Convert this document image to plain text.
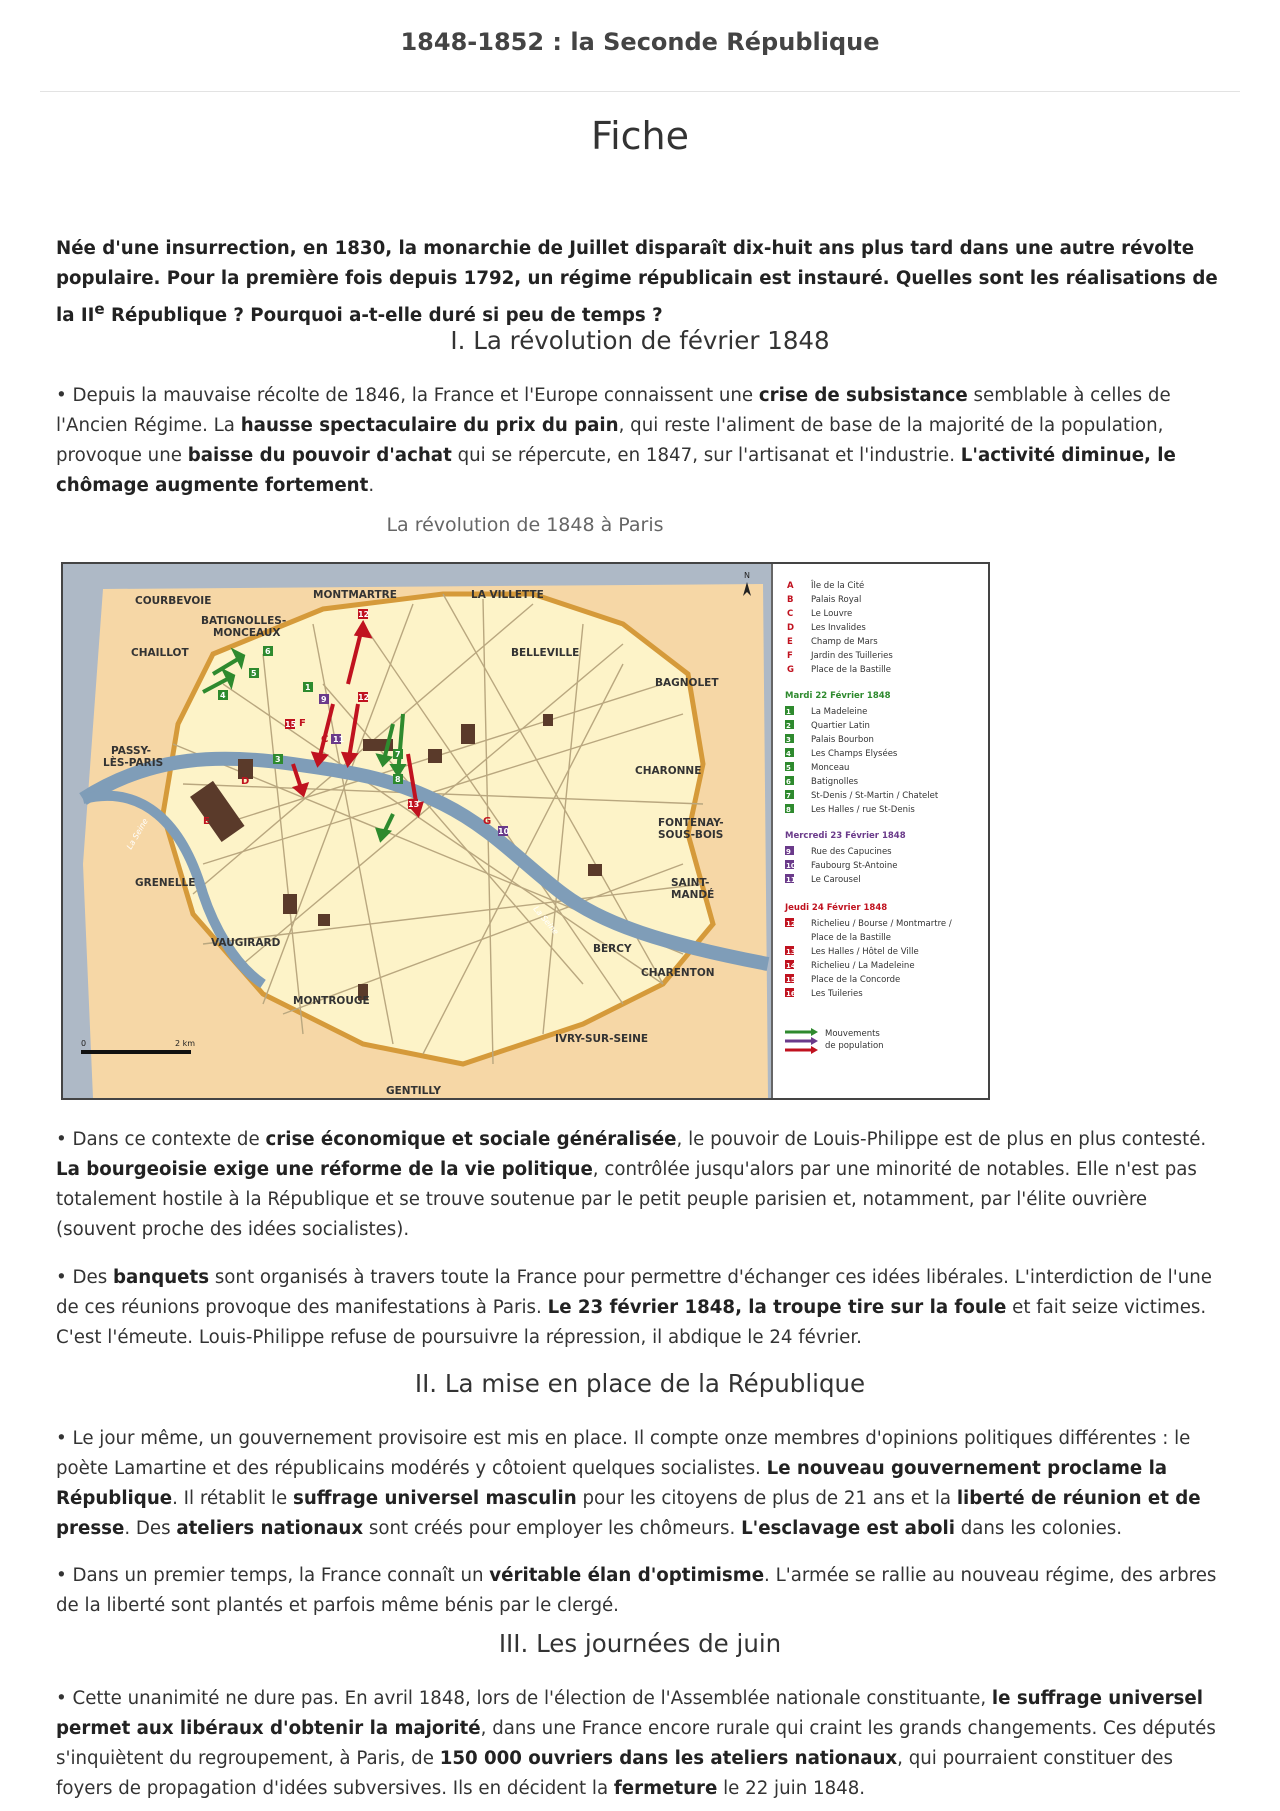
1848-1852 : la Seconde République
Fiche

Née d'une insurrection, en 1830, la monarchie de Juillet disparaît dix-huit ans plus tard dans une autre révolte populaire. Pour la première fois depuis 1792, un régime républicain est instauré. Quelles sont les réalisations de la IIe République ? Pourquoi a-t-elle duré si peu de temps ?

I. La révolution de février 1848

• Depuis la mauvaise récolte de 1846, la France et l'Europe connaissent une crise de subsistance semblable à celles de l'Ancien Régime. La hausse spectaculaire du prix du pain, qui reste l'aliment de base de la majorité de la population, provoque une baisse du pouvoir d'achat qui se répercute, en 1847, sur l'artisanat et l'industrie. L'activité diminue, le chômage augmente fortement.

La révolution de 1848 à Paris
6
5
4
1
3
7
8
12
12
13
15
11
9
10
D
E
C
F
G
COURBEVOIE	MONTMARTRE	LA VILLETTE
BATIGNOLLES-
MONCEAUX
CHAILLOT	BELLEVILLE
BAGNOLET
PASSY-
LÈS-PARIS
CHARONNE
FONTENAY-
SOUS-BOIS
GRENELLE	SAINT-
MANDÉ
VAUGIRARD	BERCY
CHARENTON
MONTROUGE
IVRY-SUR-SEINE
GENTILLY
La Seine
La Seine
0	2 km
N
A Île de la Cité
B Palais Royal
C Le Louvre
D Les Invalides
E Champ de Mars
F Jardin des Tuilleries
G Place de la Bastille
Mardi 22 Février 1848
1 La Madeleine
2 Quartier Latin
3 Palais Bourbon
4 Les Champs Elysées
5 Monceau
6 Batignolles
7 St-Denis / St-Martin / Chatelet
8 Les Halles / rue St-Denis
Mercredi 23 Février 1848
9 Rue des Capucines
10 Faubourg St-Antoine
11 Le Carousel
Jeudi 24 Février 1848
12 Richelieu / Bourse / Montmartre /
Place de la Bastille
13 Les Halles / Hôtel de Ville
14 Richelieu / La Madeleine
15 Place de la Concorde
16 Les Tuileries
Mouvements
de population

• Dans ce contexte de crise économique et sociale généralisée, le pouvoir de Louis-Philippe est de plus en plus contesté. La bourgeoisie exige une réforme de la vie politique, contrôlée jusqu'alors par une minorité de notables. Elle n'est pas totalement hostile à la République et se trouve soutenue par le petit peuple parisien et, notamment, par l'élite ouvrière (souvent proche des idées socialistes).

• Des banquets sont organisés à travers toute la France pour permettre d'échanger ces idées libérales. L'interdiction de l'une de ces réunions provoque des manifestations à Paris. Le 23 février 1848, la troupe tire sur la foule et fait seize victimes. C'est l'émeute. Louis-Philippe refuse de poursuivre la répression, il abdique le 24 février.

II. La mise en place de la République

• Le jour même, un gouvernement provisoire est mis en place. Il compte onze membres d'opinions politiques différentes : le poète Lamartine et des républicains modérés y côtoient quelques socialistes. Le nouveau gouvernement proclame la République. Il rétablit le suffrage universel masculin pour les citoyens de plus de 21 ans et la liberté de réunion et de presse. Des ateliers nationaux sont créés pour employer les chômeurs. L'esclavage est aboli dans les colonies.

• Dans un premier temps, la France connaît un véritable élan d'optimisme. L'armée se rallie au nouveau régime, des arbres de la liberté sont plantés et parfois même bénis par le clergé.

III. Les journées de juin

• Cette unanimité ne dure pas. En avril 1848, lors de l'élection de l'Assemblée nationale constituante, le suffrage universel permet aux libéraux d'obtenir la majorité, dans une France encore rurale qui craint les grands changements. Ces députés s'inquiètent du regroupement, à Paris, de 150 000 ouvriers dans les ateliers nationaux, qui pourraient constituer des foyers de propagation d'idées subversives. Ils en décident la fermeture le 22 juin 1848.
